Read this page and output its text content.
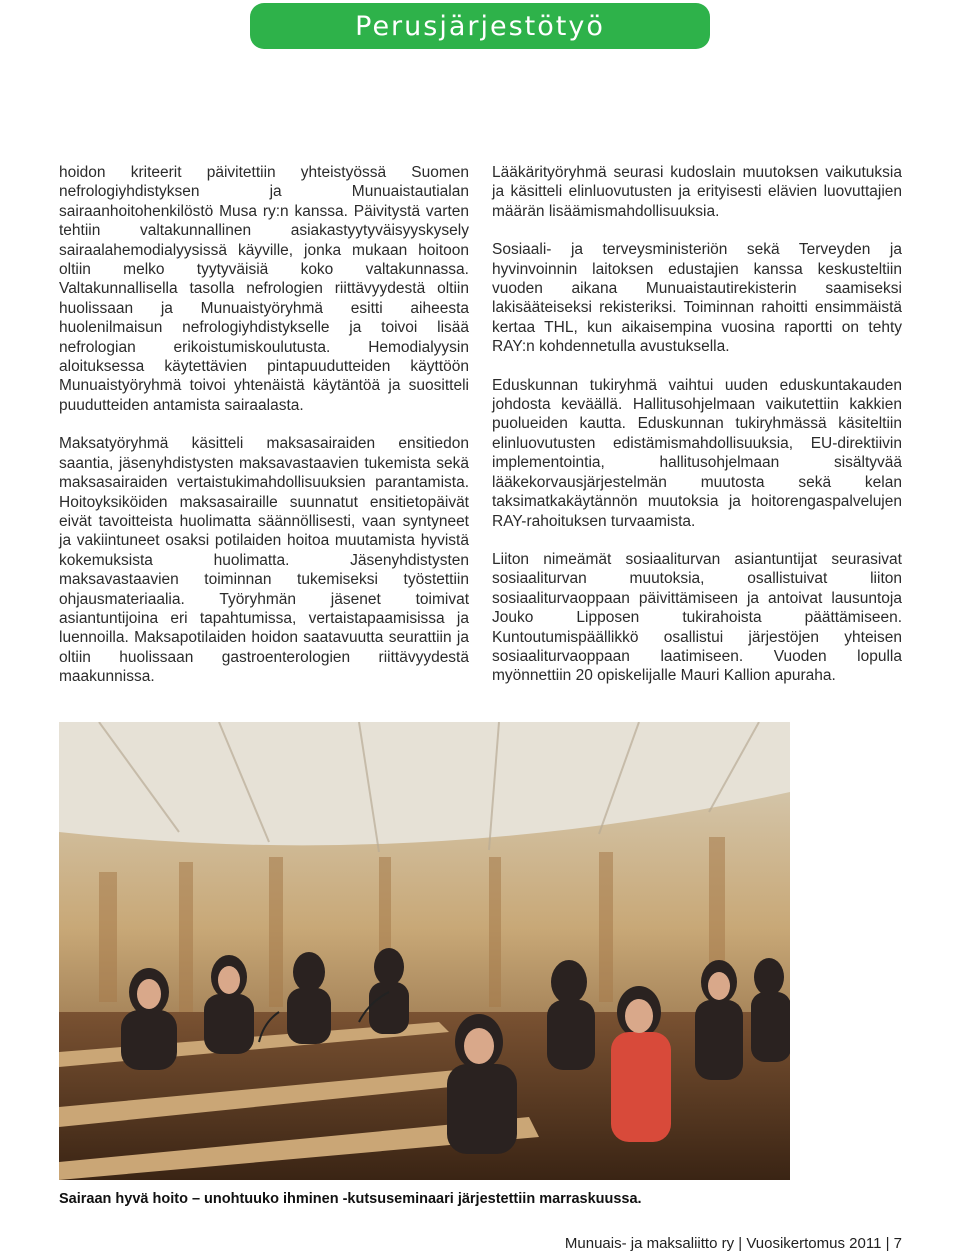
Perusjärjestötyö

hoidon kriteerit päivitettiin yhteistyössä Suomen nefrologiyhdistyksen ja Munuaistautialan sairaanhoitohenkilöstö Musa ry:n kanssa. Päivitystä varten tehtiin valtakunnallinen asiakastyytyväisyyskysely sairaalahemodialyysissä käyville, jonka mukaan hoitoon oltiin melko tyytyväisiä koko valtakunnassa. Valtakunnallisella tasolla nefrologien riittävyydestä oltiin huolissaan ja Munuaistyöryhmä esitti aiheesta huolenilmaisun nefrologiyhdistykselle ja toivoi lisää nefrologian erikoistumiskoulutusta. Hemodialyysin aloituksessa käytettävien pintapuudutteiden käyttöön Munuaistyöryhmä toivoi yhtenäistä käytäntöä ja suositteli puudutteiden antamista sairaalasta.

Maksatyöryhmä käsitteli maksasairaiden ensitiedon saantia, jäsenyhdistysten maksavastaavien tukemista sekä maksasairaiden vertaistukimahdollisuuksien parantamista. Hoitoyksiköiden maksasairaille suunnatut ensitietopäivät eivät tavoitteista huolimatta säännöllisesti, vaan syntyneet ja vakiintuneet osaksi potilaiden hoitoa muutamista hyvistä kokemuksista huolimatta. Jäsenyhdistysten maksavastaavien toiminnan tukemiseksi työstettiin ohjausmateriaalia. Työryhmän jäsenet toimivat asiantuntijoina eri tapahtumissa, vertaistapaamisissa ja luennoilla. Maksapotilaiden hoidon saatavuutta seurattiin ja oltiin huolissaan gastroenterologien riittävyydestä maakunnissa.

Lääkärityöryhmä seurasi kudoslain muutoksen vaikutuksia ja käsitteli elinluovutusten ja erityisesti elävien luovuttajien määrän lisäämismahdollisuuksia.

Sosiaali- ja terveysministeriön sekä Terveyden ja hyvinvoinnin laitoksen edustajien kanssa keskusteltiin vuoden aikana Munuaistautirekisterin saamiseksi lakisääteiseksi rekisteriksi. Toiminnan rahoitti ensimmäistä kertaa THL, kun aikaisempina vuosina raportti on tehty RAY:n kohdennetulla avustuksella.

Eduskunnan tukiryhmä vaihtui uuden eduskuntakauden johdosta keväällä. Hallitusohjelmaan vaikutettiin kakkien puolueiden kautta. Eduskunnan tukiryhmässä käsiteltiin elinluovutusten edistämismahdollisuuksia, EU-direktiivin implementointia, hallitusohjelmaan sisältyvää lääkekorvausjärjestelmän muutosta sekä kelan taksimatkakäytännön muutoksia ja hoitorengaspalvelujen RAY-rahoituksen turvaamista.

Liiton nimeämät sosiaaliturvan asiantuntijat seurasivat sosiaaliturvan muutoksia, osallistuivat liiton sosiaaliturvaoppaan päivittämiseen ja antoivat lausuntoja Jouko Lipposen tukirahoista päättämiseen. Kuntoutumispäällikkö osallistui järjestöjen yhteisen sosiaaliturvaoppaan laatimiseen. Vuoden lopulla myönnettiin 20 opiskelijalle Mauri Kallion apuraha.

Sairaan hyvä hoito – unohtuuko ihminen -kutsuseminaari järjestettiin marraskuussa.
Munuais- ja maksaliitto ry | Vuosikertomus 2011 | 7
